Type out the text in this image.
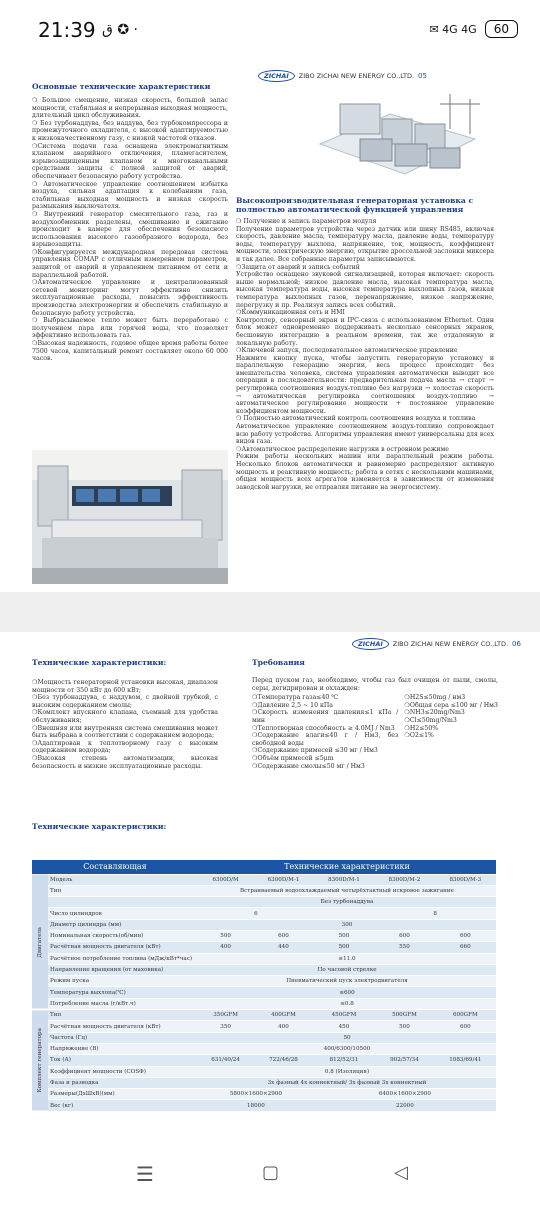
21:39 ق ✪ ·	✉ 4G 4G	60
ZICHAI	ZIBO ZICHAI NEW ENERGY CO.,LTD. 05
Основные технические характеристики

❍ Большое смещение, низкая скорость, большой запас мощности, стабильная и непрерывная выходная мощность, длительный цикл обслуживания.

❍ Без турбонаддува, без наддува, без турбокомпрессора и промежуточного охладителя, с высокой адаптируемостью к низкокачественному газу, с низкой частотой отказов.

❍Система подачи газа оснащена электромагнитным клапаном аварийного отключения, пламегасителем, взрывозащищенным клапаном и многоканальными средствами защиты с полной защитой от аварий, обеспечивает безопасную работу устройства.

❍ Автоматическое управление соотношением избытка воздуха, сильная адаптация к колебаниям газа, стабильная выходная мощность и низкая скорость размыкания выключателя.

❍ Внутренний генератор смесительного газа, газ и воздухообменник разделены, смешивание и сжигание происходит в камере для обеспечения безопасного использования высокого газообразного водорода, без взрывозащиты.

❍Конфигурируется международная передовая система управления COMAP с отличным измерением параметров, защитой от аварий и управлением питанием от сети и параллельной работой.

❍Автоматическое управление и централизованный сетевой мониторинг могут эффективно снизить эксплуатационные расходы, повысить эффективность производства электроэнергии и обеспечить стабильную и безопасную работу устройства.

❍ Выбрасываемое тепло может быть переработано с получением пара или горячей воды, что позволяет эффективно использовать газ.

❍Высокая надежность, годовое общее время работы более 7500 часов, капитальный ремонт составляет около 60 000 часов.

Высокопроизводительная генераторная установка с полностью автоматической функцией управления

❍ Получение и запись параметров модуля

Получение параметров устройства через датчик или шину RS485, включая скорость, давление масла, температуру масла, давление воды, температуру воды, температуру выхлопа, напряжение, ток, мощность, коэффициент мощности, электрическую энергию, открытие дроссельной заслонки миксера и так далее. Все собранные параметры записываются.

❍Защита от аварий и запись событий

Устройство оснащено звуковой сигнализацией, которая включает: скорость выше нормальной; низкое давление масла, высокая температура масла, высокая температура воды, высокая температура выхлопных газов, низкая температура выхлопных газов, перенапряжение, низкое напряжение, перегрузку и пр. Реализуя запись всех событий.

❍Коммуникационная сеть и HMI

Контроллер, сенсорный экран и IPC-связь с использованием Ethernet. Один блок может одновременно поддерживать несколько сенсорных экранов, бесшовную интеграцию в реальном времени, так же отдаленную и локальную работу.

❍Ключевой запуск, последовательное автоматическое управление

Нажмите кнопку пуска, чтобы запустить генераторную установку и параллельную генерацию энергии, весь процесс происходит без вмешательства человека, система управления автоматически выводит все операции в последовательности: предварительная подача масла → старт → регулировка соотношения воздух-топливо без нагрузки → холостая скорость → автоматическая регулировка соотношения воздух-топливо → автоматическое регулирование мощности + постоянное управление коэффициентом мощности.

❍ Полностью автоматический контроль соотношения воздуха и топлива

Автоматическое управление соотношением воздух-топливо сопровождает всю работу устройства. Алгоритмы управления имеют универсальны для всех видов газа.

❍Автоматическое распределение нагрузки в островном режиме

Режим работы нескольких машин или параллельный режим работы. Несколько блоков автоматически и равномерно распределяют активную мощность и реактивную мощность; работа в сетях с несколькими машинами, общая мощность всех агрегатов изменяется в зависимости от изменения заводской нагрузки, не отправляя питание на энергосистему.

ZICHAI	ZIBO ZICHAI NEW ENERGY CO.,LTD. 06
Технические характеристики:

❍Мощность генераторной установки высокая, диапазон мощности от 350 кВт до 600 кВт;

❍Без турбонаддува, с наддувом, с двойной трубкой, с высоким содержанием смолы;

❍Комплект впускного клапана, съемный для удобства обслуживания;

❍Внешняя или внутренняя система смешивания может быть выбрана в соответствии с содержанием водорода;

❍Адаптирован к теплотворному газу с высоким содержанием водорода;

❍Высокая степень автоматизации, высокая безопасность и низкие эксплуатационные расходы.

Требования
Перед пуском газ, необходимо, чтобы газ был очищен от пыли, смолы, серы, дегидрирован и охлажден:

❍Температура газа≤40 ℃

❍Давление 2,5 ~ 10 кПа

❍Скорость изменения давления≤1 кПа / мин

❍Теплотворная способность ≥ 4.0MJ / Nm3

❍Содержание влаги≤40 г / Нм3, без свободной воды

❍Содержание примесей ≤30 мг / Нм3

❍Объём примесей ≤5μm

❍Содержание смолы≤50 мг / Нм3

❍H2S≤50mg / нм3

❍Общая сера ≤100 мг / Нм3

❍NH3≤20mg/Nm3

❍Cl≤50mg/Nm3

❍H2≤50%

❍O2≤1%

Технические характеристики:
Составляющая		Технические характеристики				
Двигатель	Модель	6300D/M	6300D/M-1	8300D/M-1	8300D/M-2	8300D/M-3
	Тип	Встраиваемый водоохлаждаемый четырёхтактный искровое зажигание				
		Без турбонаддува				
	Число цилиндров	6			8	
	Диаметр цилиндра (мм)	300				
	Номинальная скорость(об/мин)	500	600	500	600	600
	Расчётная мощность двигателя (кВт)	400	440	500	550	660
	Расчётное потребление топлива (мДж/кВт*час)	≤11.0				
	Направление вращения (от маховика)	По часовой стрелке				
	Режим пуска	Пневматический пуск электродвигателя				
	Температура выхлопа(℃)	≤600				
	Потребление масла (г/кВт.ч)	≤0.8				
Комплект генератора	Тип	350GFM	400GFM	450GFM	500GFM	600GFM
	Расчётная мощность двигателя (кВт)	350	400	450	500	600
	Частота (Гц)	50				
	Напряжение (В)	400/6300/10500				
	Ток (А)	631/40/24	722/46/28	812/52/31	902/57/34	1083/69/41
	Коэффициент мощности (COSΦ)	0.8 (Изоляция)				
	Фаза и разводка	3х фазный 4х коннектный/ 3х фазный 3х коннектный				
	Размеры(ДxШxВ)(мм)	5800×1600×2900		6400×1600×2900		
	Вес (кг)	18000		22000		
☰	▢	◁
